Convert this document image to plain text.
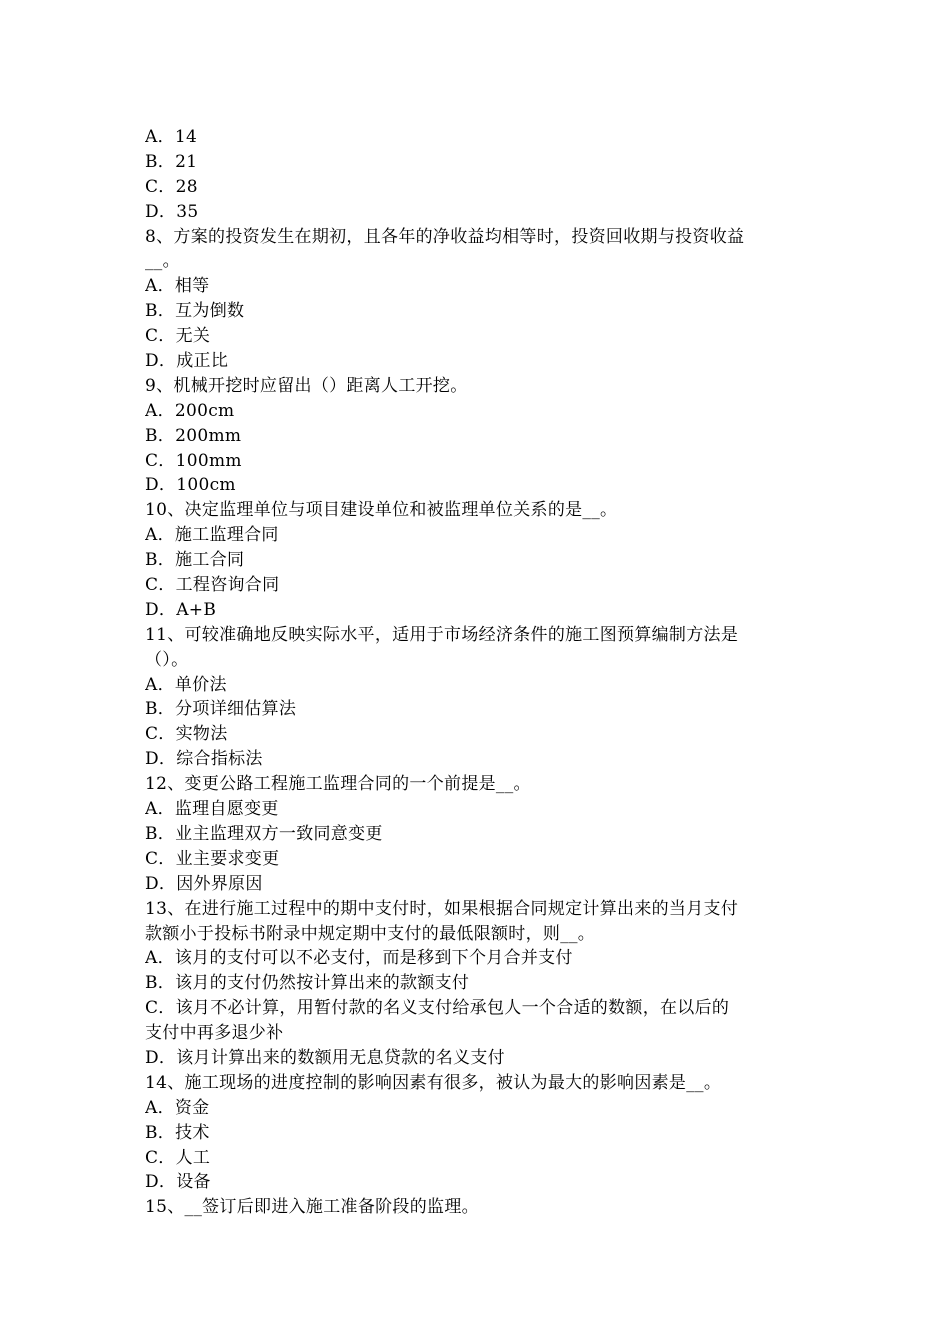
A．14
B．21
C．28
D．35
8、方案的投资发生在期初，且各年的净收益均相等时，投资回收期与投资收益
__。
A．相等
B．互为倒数
C．无关
D．成正比
9、机械开挖时应留出（）距离人工开挖。
A．200cm
B．200mm
C．100mm
D．100cm
10、决定监理单位与项目建设单位和被监理单位关系的是__。
A．施工监理合同
B．施工合同
C．工程咨询合同
D．A+B
11、可较准确地反映实际水平，适用于市场经济条件的施工图预算编制方法是
（）。
A．单价法
B．分项详细估算法
C．实物法
D．综合指标法
12、变更公路工程施工监理合同的一个前提是__。
A．监理自愿变更
B．业主监理双方一致同意变更
C．业主要求变更
D．因外界原因
13、在进行施工过程中的期中支付时，如果根据合同规定计算出来的当月支付
款额小于投标书附录中规定期中支付的最低限额时，则__。
A．该月的支付可以不必支付，而是移到下个月合并支付
B．该月的支付仍然按计算出来的款额支付
C．该月不必计算，用暂付款的名义支付给承包人一个合适的数额，在以后的
支付中再多退少补
D．该月计算出来的数额用无息贷款的名义支付
14、施工现场的进度控制的影响因素有很多，被认为最大的影响因素是__。
A．资金
B．技术
C．人工
D．设备
15、__签订后即进入施工准备阶段的监理。
